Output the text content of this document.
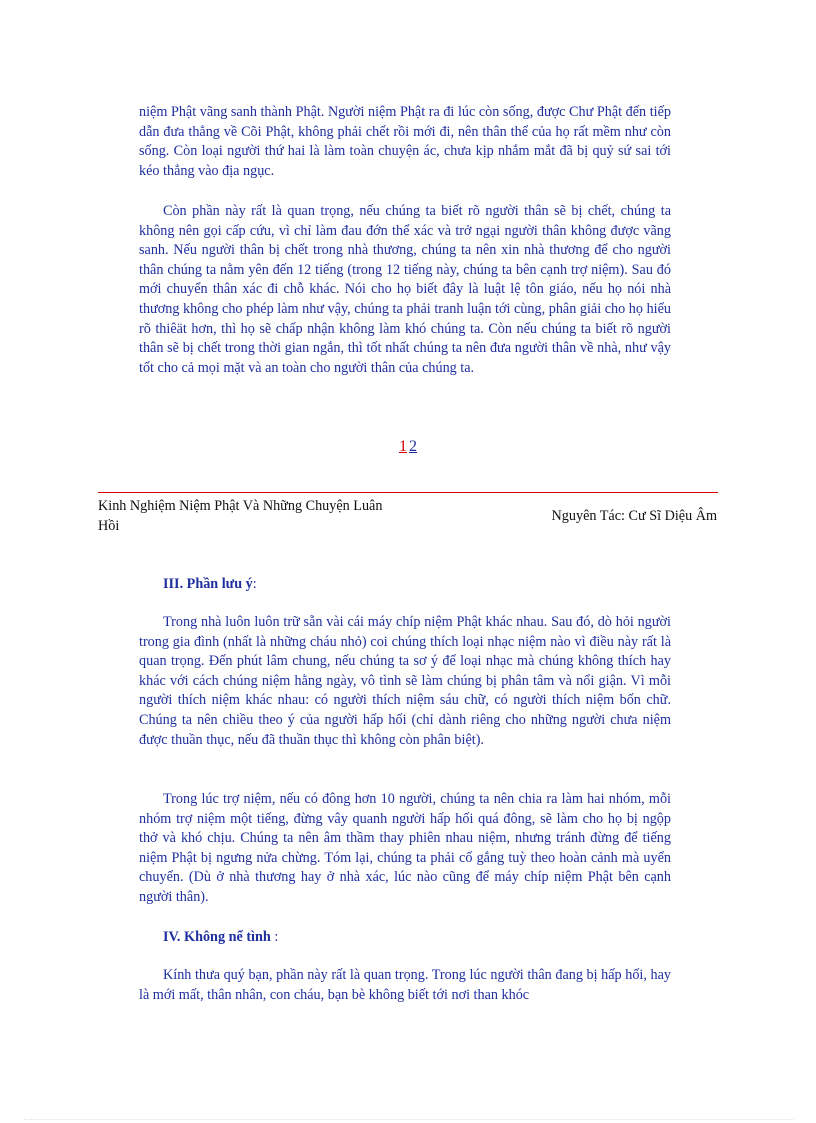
niệm Phật vãng sanh thành Phật. Người niệm Phật ra đi lúc còn sống, được Chư Phật đến tiếp dẫn đưa thẳng về Cõi Phật, không phải chết rồi mới đi, nên thân thể của họ rất mềm như còn sống. Còn loại người thứ hai là làm toàn chuyện ác, chưa kịp nhắm mắt đã bị quỷ sứ sai tới kéo thẳng vào địa ngục.

Còn phần này rất là quan trọng, nếu chúng ta biết rõ người thân sẽ bị chết, chúng ta không nên gọi cấp cứu, vì chỉ làm đau đớn thể xác và trở ngại người thân không được vãng sanh. Nếu người thân bị chết trong nhà thương, chúng ta nên xin nhà thương để cho người thân chúng ta nằm yên đến 12 tiếng (trong 12 tiếng này, chúng ta bên cạnh trợ niệm). Sau đó mới chuyển thân xác đi chỗ khác. Nói cho họ biết đây là luật lệ tôn giáo, nếu họ nói nhà thương không cho phép làm như vậy, chúng ta phải tranh luận tới cùng, phân giải cho họ hiểu rõ thiêät hơn, thì họ sẽ chấp nhận không làm khó chúng ta. Còn nếu chúng ta biết rõ người thân sẽ bị chết trong thời gian ngắn, thì tốt nhất chúng ta nên đưa người thân về nhà, như vậy tốt cho cả mọi mặt và an toàn cho người thân của chúng ta.

1 2
Kinh Nghiệm Niệm Phật Và Những Chuyện Luân Hồi
Nguyên Tác: Cư Sĩ Diệu Âm
III. Phần lưu ý:

Trong nhà luôn luôn trữ sẵn vài cái máy chíp niệm Phật khác nhau. Sau đó, dò hỏi người trong gia đình (nhất là những cháu nhỏ) coi chúng thích loại nhạc niệm nào vì điều này rất là quan trọng. Đến phút lâm chung, nếu chúng ta sơ ý để loại nhạc mà chúng không thích hay khác với cách chúng niệm hằng ngày, vô tình sẽ làm chúng bị phân tâm và nổi giận. Vì mỗi người thích niệm khác nhau: có người thích niệm sáu chữ, có người thích niệm bốn chữ. Chúng ta nên chiều theo ý của người hấp hối (chỉ dành riêng cho những người chưa niệm được thuần thục, nếu đã thuần thục thì không còn phân biệt).

Trong lúc trợ niệm, nếu có đông hơn 10 người, chúng ta nên chia ra làm hai nhóm, mỗi nhóm trợ niệm một tiếng, đừng vây quanh người hấp hối quá đông, sẽ làm cho họ bị ngộp thở và khó chịu. Chúng ta nên âm thầm thay phiên nhau niệm, nhưng tránh đừng để tiếng niệm Phật bị ngưng nửa chừng. Tóm lại, chúng ta phải cố gắng tuỳ theo hoàn cảnh mà uyển chuyển. (Dù ở nhà thương hay ở nhà xác, lúc nào cũng để máy chíp niệm Phật bên cạnh người thân).

IV. Không nể tình :

Kính thưa quý bạn, phần này rất là quan trọng. Trong lúc người thân đang bị hấp hối, hay là mới mất, thân nhân, con cháu, bạn bè không biết tới nơi than khóc
